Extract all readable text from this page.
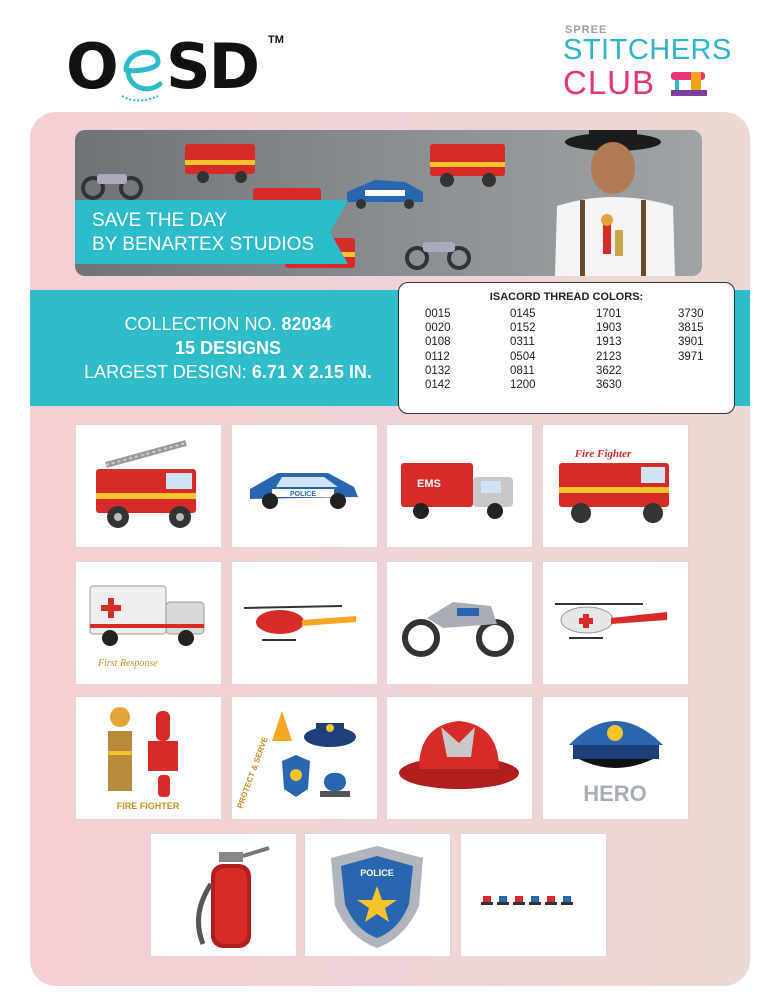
O SD TM
SPREE
STITCHERS
CLUB
SAVE THE DAY
BY BENARTEX STUDIOS
COLLECTION NO. 82034
15 DESIGNS
LARGEST DESIGN: 6.71 X 2.15 IN.
ISACORD THREAD COLORS:
0015
0020
0108
0112
0132
0142
0145
0152
0311
0504
0811
1200
1701
1903
1913
2123
3622
3630
3730
3815
3901
3971
POLICE
EMS
Fire Fighter
First Response
FIRE FIGHTER	PROTECT & SERVE	HERO
POLICE
